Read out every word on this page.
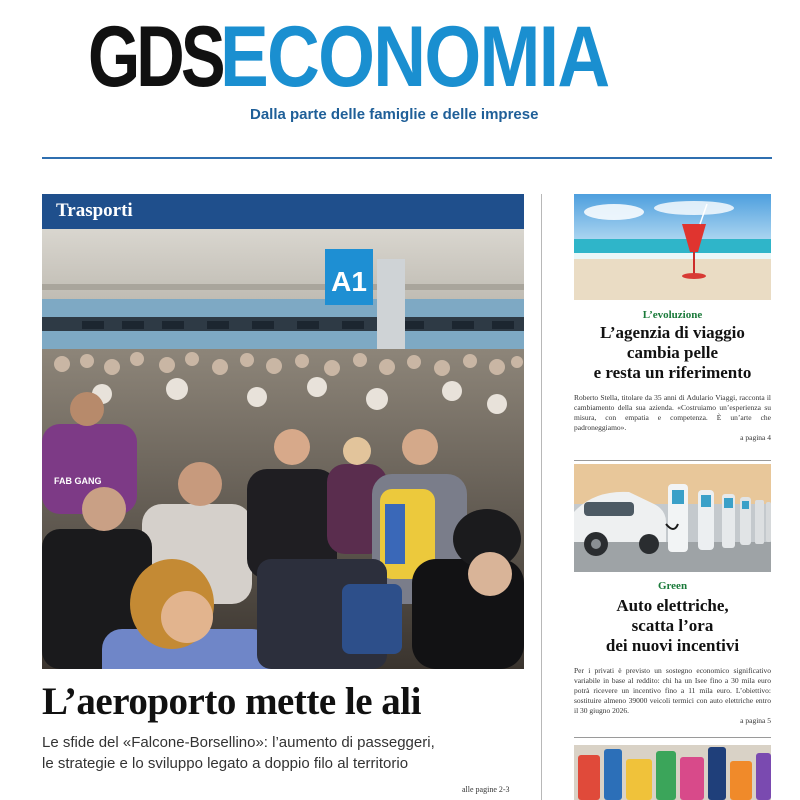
GDS
ECONOMIA
Dalla parte delle famiglie e delle imprese
Trasporti
A1
FAB GANG
L’aeroporto mette le ali
Le sfide del «Falcone-Borsellino»: l’aumento di passeggeri,
le strategie e lo sviluppo legato a doppio filo al territorio
alle pagine 2-3
L’evoluzione
L’agenzia di viaggio
cambia pelle
e resta un riferimento
Roberto Stella, titolare da 35 anni di Adulario Viaggi, racconta il cambiamento della sua azienda. «Costruiamo un’esperienza su misura, con empatia e competenza. È un’arte che padroneggiamo».
a pagina 4
Green
Auto elettriche,
scatta l’ora
dei nuovi incentivi
Per i privati è previsto un sostegno economico significativo variabile in base al reddito: chi ha un Isee fino a 30 mila euro potrà ricevere un incentivo fino a 11 mila euro. L’obiettivo: sostituire almeno 39000 veicoli termici con auto elettriche entro il 30 giugno 2026.
a pagina 5
